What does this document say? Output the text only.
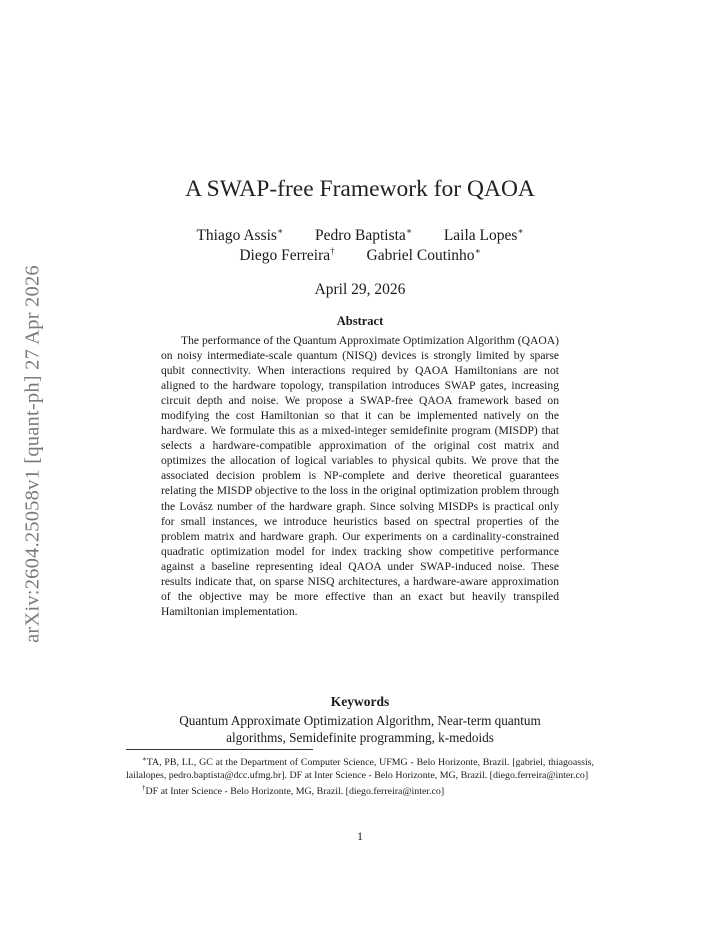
arXiv:2604.25058v1 [quant-ph] 27 Apr 2026
A SWAP-free Framework for QAOA
Thiago Assis∗ Pedro Baptista∗ Laila Lopes∗
Diego Ferreira† Gabriel Coutinho∗
April 29, 2026
Abstract
The performance of the Quantum Approximate Optimization Algorithm (QAOA) on noisy intermediate-scale quantum (NISQ) devices is strongly limited by sparse qubit connectivity. When interactions required by QAOA Hamiltonians are not aligned to the hardware topology, transpilation introduces SWAP gates, increasing circuit depth and noise. We propose a SWAP-free QAOA framework based on modifying the cost Hamiltonian so that it can be implemented natively on the hardware. We formulate this as a mixed-integer semidefinite program (MISDP) that selects a hardware-compatible approximation of the original cost matrix and optimizes the allocation of logical variables to physical qubits. We prove that the associated decision problem is NP-complete and derive theoretical guarantees relating the MISDP objective to the loss in the original optimization problem through the Lovász number of the hardware graph. Since solving MISDPs is practical only for small instances, we introduce heuristics based on spectral properties of the problem matrix and hardware graph. Our experiments on a cardinality-constrained quadratic optimization model for index tracking show competitive performance against a baseline representing ideal QAOA under SWAP-induced noise. These results indicate that, on sparse NISQ architectures, a hardware-aware approximation of the objective may be more effective than an exact but heavily transpiled Hamiltonian implementation.
Keywords
Quantum Approximate Optimization Algorithm, Near-term quantum algorithms, Semidefinite programming, k-medoids

∗TA, PB, LL, GC at the Department of Computer Science, UFMG - Belo Horizonte, Brazil. [gabriel, thiagoassis, lailalopes, pedro.baptista@dcc.ufmg.br]. DF at Inter Science - Belo Horizonte, MG, Brazil. [diego.ferreira@inter.co]

†DF at Inter Science - Belo Horizonte, MG, Brazil. [diego.ferreira@inter.co]

1
